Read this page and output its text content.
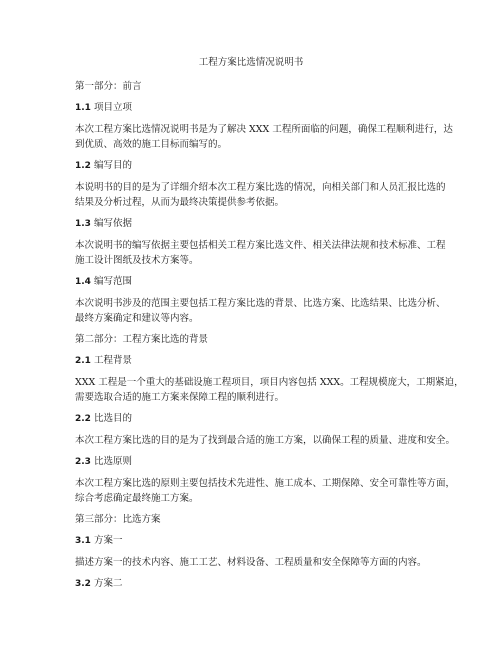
工程方案比选情况说明书
第一部分：前言
1.1 项目立项
本次工程方案比选情况说明书是为了解决 XXX 工程所面临的问题，确保工程顺利进行，达
到优质、高效的施工目标而编写的。
1.2 编写目的
本说明书的目的是为了详细介绍本次工程方案比选的情况，向相关部门和人员汇报比选的
结果及分析过程，从而为最终决策提供参考依据。
1.3 编写依据
本次说明书的编写依据主要包括相关工程方案比选文件、相关法律法规和技术标准、工程
施工设计图纸及技术方案等。
1.4 编写范围
本次说明书涉及的范围主要包括工程方案比选的背景、比选方案、比选结果、比选分析、
最终方案确定和建议等内容。
第二部分：工程方案比选的背景
2.1 工程背景
XXX 工程是一个重大的基础设施工程项目，项目内容包括 XXX。工程规模庞大，工期紧迫，
需要选取合适的施工方案来保障工程的顺利进行。
2.2 比选目的
本次工程方案比选的目的是为了找到最合适的施工方案，以确保工程的质量、进度和安全。
2.3 比选原则
本次工程方案比选的原则主要包括技术先进性、施工成本、工期保障、安全可靠性等方面，
综合考虑确定最终施工方案。
第三部分：比选方案
3.1 方案一
描述方案一的技术内容、施工工艺、材料设备、工程质量和安全保障等方面的内容。
3.2 方案二
